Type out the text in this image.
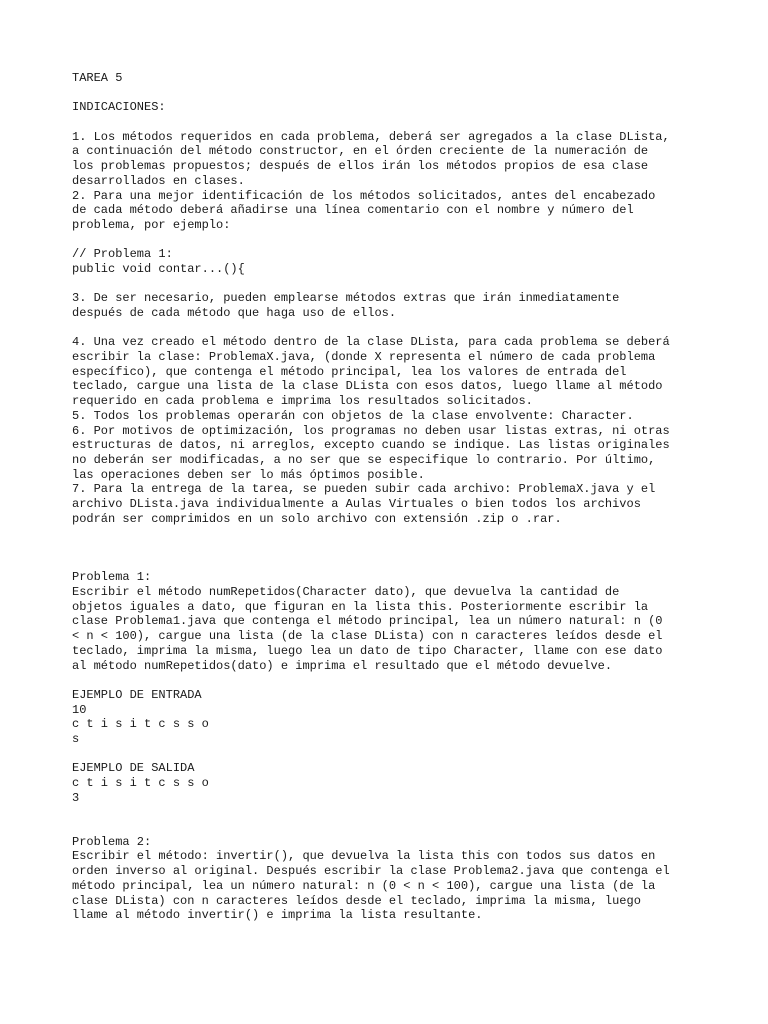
TAREA 5
INDICACIONES:
1. Los métodos requeridos en cada problema, deberá ser agregados a la clase DLista,
a continuación del método constructor, en el órden creciente de la numeración de
los problemas propuestos; después de ellos irán los métodos propios de esa clase
desarrollados en clases.
2. Para una mejor identificación de los métodos solicitados, antes del encabezado
de cada método deberá añadirse una línea comentario con el nombre y número del
problema, por ejemplo:
// Problema 1:
public void contar...(){
3. De ser necesario, pueden emplearse métodos extras que irán inmediatamente
después de cada método que haga uso de ellos.
4. Una vez creado el método dentro de la clase DLista, para cada problema se deberá
escribir la clase: ProblemaX.java, (donde X representa el número de cada problema
específico), que contenga el método principal, lea los valores de entrada del
teclado, cargue una lista de la clase DLista con esos datos, luego llame al método
requerido en cada problema e imprima los resultados solicitados.
5. Todos los problemas operarán con objetos de la clase envolvente: Character.
6. Por motivos de optimización, los programas no deben usar listas extras, ni otras
estructuras de datos, ni arreglos, excepto cuando se indique. Las listas originales
no deberán ser modificadas, a no ser que se especifique lo contrario. Por último,
las operaciones deben ser lo más óptimos posible.
7. Para la entrega de la tarea, se pueden subir cada archivo: ProblemaX.java y el
archivo DLista.java individualmente a Aulas Virtuales o bien todos los archivos
podrán ser comprimidos en un solo archivo con extensión .zip o .rar.
Problema 1:
Escribir el método numRepetidos(Character dato), que devuelva la cantidad de
objetos iguales a dato, que figuran en la lista this. Posteriormente escribir la
clase Problema1.java que contenga el método principal, lea un número natural: n (0
< n < 100), cargue una lista (de la clase DLista) con n caracteres leídos desde el
teclado, imprima la misma, luego lea un dato de tipo Character, llame con ese dato
al método numRepetidos(dato) e imprima el resultado que el método devuelve.
EJEMPLO DE ENTRADA
10
c t i s i t c s s o
s
EJEMPLO DE SALIDA
c t i s i t c s s o
3
Problema 2:
Escribir el método: invertir(), que devuelva la lista this con todos sus datos en
orden inverso al original. Después escribir la clase Problema2.java que contenga el
método principal, lea un número natural: n (0 < n < 100), cargue una lista (de la
clase DLista) con n caracteres leídos desde el teclado, imprima la misma, luego
llame al método invertir() e imprima la lista resultante.
